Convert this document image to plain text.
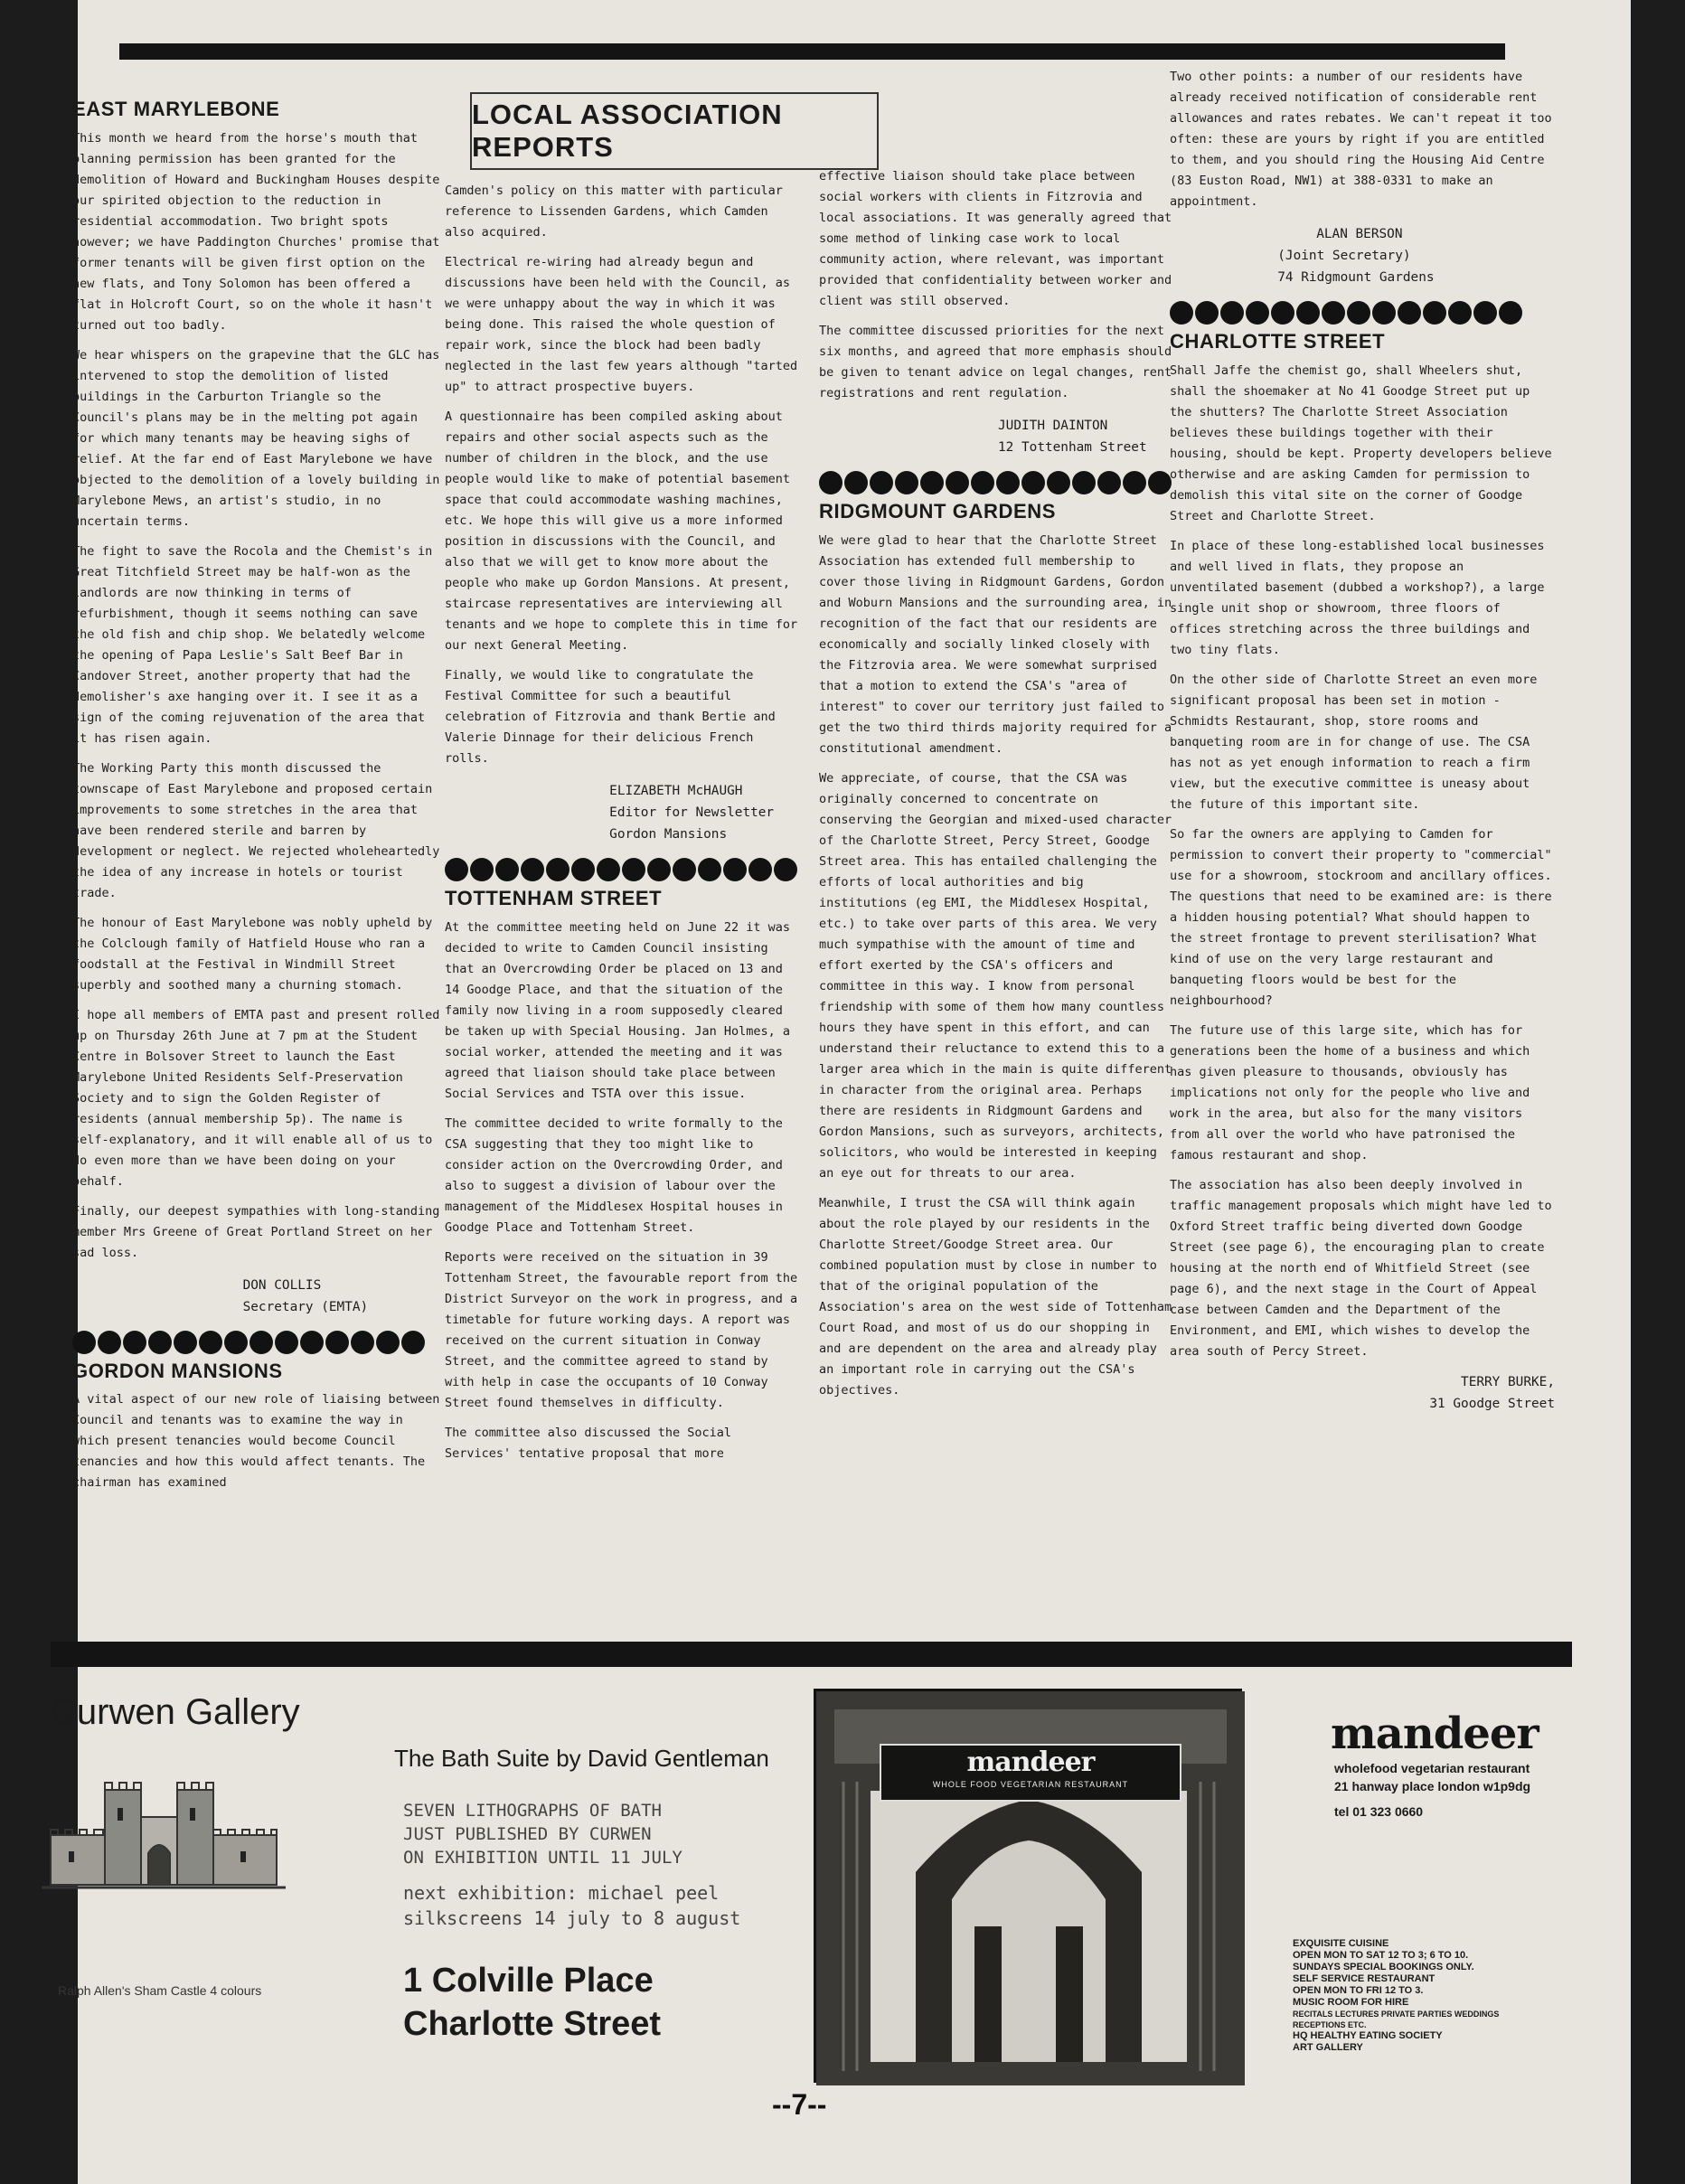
LOCAL ASSOCIATION REPORTS
EAST MARYLEBONE

This month we heard from the horse's mouth that planning permission has been granted for the demolition of Howard and Buckingham Houses despite our spirited objection to the reduction in residential accommodation. Two bright spots however; we have Paddington Churches' promise that former tenants will be given first option on the new flats, and Tony Solomon has been offered a flat in Holcroft Court, so on the whole it hasn't turned out too badly.

We hear whispers on the grapevine that the GLC has intervened to stop the demolition of listed buildings in the Carburton Triangle so the Council's plans may be in the melting pot again for which many tenants may be heaving sighs of relief. At the far end of East Marylebone we have objected to the demolition of a lovely building in Marylebone Mews, an artist's studio, in no uncertain terms.

The fight to save the Rocola and the Chemist's in Great Titchfield Street may be half-won as the landlords are now thinking in terms of refurbishment, though it seems nothing can save the old fish and chip shop. We belatedly welcome the opening of Papa Leslie's Salt Beef Bar in Candover Street, another property that had the demolisher's axe hanging over it. I see it as a sign of the coming rejuvenation of the area that it has risen again.

The Working Party this month discussed the townscape of East Marylebone and proposed certain improvements to some stretches in the area that have been rendered sterile and barren by development or neglect. We rejected wholeheartedly the idea of any increase in hotels or tourist trade.

The honour of East Marylebone was nobly upheld by the Colclough family of Hatfield House who ran a foodstall at the Festival in Windmill Street superbly and soothed many a churning stomach.

I hope all members of EMTA past and present rolled up on Thursday 26th June at 7 pm at the Student Centre in Bolsover Street to launch the East Marylebone United Residents Self-Preservation Society and to sign the Golden Register of residents (annual membership 5p). The name is self-explanatory, and it will enable all of us to do even more than we have been doing on your behalf.

Finally, our deepest sympathies with long-standing member Mrs Greene of Great Portland Street on her sad loss.

DON COLLIS
Secretary (EMTA)
GORDON MANSIONS

A vital aspect of our new role of liaising between Council and tenants was to examine the way in which present tenancies would become Council tenancies and how this would affect tenants. The chairman has examined

Camden's policy on this matter with particular reference to Lissenden Gardens, which Camden also acquired.

Electrical re-wiring had already begun and discussions have been held with the Council, as we were unhappy about the way in which it was being done. This raised the whole question of repair work, since the block had been badly neglected in the last few years although "tarted up" to attract prospective buyers.

A questionnaire has been compiled asking about repairs and other social aspects such as the number of children in the block, and the use people would like to make of potential basement space that could accommodate washing machines, etc. We hope this will give us a more informed position in discussions with the Council, and also that we will get to know more about the people who make up Gordon Mansions. At present, staircase representatives are interviewing all tenants and we hope to complete this in time for our next General Meeting.

Finally, we would like to congratulate the Festival Committee for such a beautiful celebration of Fitzrovia and thank Bertie and Valerie Dinnage for their delicious French rolls.

ELIZABETH McHAUGH
Editor for Newsletter
Gordon Mansions
TOTTENHAM STREET

At the committee meeting held on June 22 it was decided to write to Camden Council insisting that an Overcrowding Order be placed on 13 and 14 Goodge Place, and that the situation of the family now living in a room supposedly cleared be taken up with Special Housing. Jan Holmes, a social worker, attended the meeting and it was agreed that liaison should take place between Social Services and TSTA over this issue.

The committee decided to write formally to the CSA suggesting that they too might like to consider action on the Overcrowding Order, and also to suggest a division of labour over the management of the Middlesex Hospital houses in Goodge Place and Tottenham Street.

Reports were received on the situation in 39 Tottenham Street, the favourable report from the District Surveyor on the work in progress, and a timetable for future working days. A report was received on the current situation in Conway Street, and the committee agreed to stand by with help in case the occupants of 10 Conway Street found themselves in difficulty.

The committee also discussed the Social Services' tentative proposal that more

effective liaison should take place between social workers with clients in Fitzrovia and local associations. It was generally agreed that some method of linking case work to local community action, where relevant, was important provided that confidentiality between worker and client was still observed.

The committee discussed priorities for the next six months, and agreed that more emphasis should be given to tenant advice on legal changes, rent registrations and rent regulation.

JUDITH DAINTON
12 Tottenham Street
RIDGMOUNT GARDENS

We were glad to hear that the Charlotte Street Association has extended full membership to cover those living in Ridgmount Gardens, Gordon and Woburn Mansions and the surrounding area, in recognition of the fact that our residents are economically and socially linked closely with the Fitzrovia area. We were somewhat surprised that a motion to extend the CSA's "area of interest" to cover our territory just failed to get the two third thirds majority required for a constitutional amendment.

We appreciate, of course, that the CSA was originally concerned to concentrate on conserving the Georgian and mixed-used character of the Charlotte Street, Percy Street, Goodge Street area. This has entailed challenging the efforts of local authorities and big institutions (eg EMI, the Middlesex Hospital, etc.) to take over parts of this area. We very much sympathise with the amount of time and effort exerted by the CSA's officers and committee in this way. I know from personal friendship with some of them how many countless hours they have spent in this effort, and can understand their reluctance to extend this to a larger area which in the main is quite different in character from the original area. Perhaps there are residents in Ridgmount Gardens and Gordon Mansions, such as surveyors, architects, solicitors, who would be interested in keeping an eye out for threats to our area.

Meanwhile, I trust the CSA will think again about the role played by our residents in the Charlotte Street/Goodge Street area. Our combined population must by close in number to that of the original population of the Association's area on the west side of Tottenham Court Road, and most of us do our shopping in and are dependent on the area and already play an important role in carrying out the CSA's objectives.

Two other points: a number of our residents have already received notification of considerable rent allowances and rates rebates. We can't repeat it too often: these are yours by right if you are entitled to them, and you should ring the Housing Aid Centre (83 Euston Road, NW1) at 388-0331 to make an appointment.

ALAN BERSON
(Joint Secretary)
74 Ridgmount Gardens
CHARLOTTE STREET

Shall Jaffe the chemist go, shall Wheelers shut, shall the shoemaker at No 41 Goodge Street put up the shutters? The Charlotte Street Association believes these buildings together with their housing, should be kept. Property developers believe otherwise and are asking Camden for permission to demolish this vital site on the corner of Goodge Street and Charlotte Street.

In place of these long-established local businesses and well lived in flats, they propose an unventilated basement (dubbed a workshop?), a large single unit shop or showroom, three floors of offices stretching across the three buildings and two tiny flats.

On the other side of Charlotte Street an even more significant proposal has been set in motion - Schmidts Restaurant, shop, store rooms and banqueting room are in for change of use. The CSA has not as yet enough information to reach a firm view, but the executive committee is uneasy about the future of this important site.

So far the owners are applying to Camden for permission to convert their property to "commercial" use for a showroom, stockroom and ancillary offices. The questions that need to be examined are: is there a hidden housing potential? What should happen to the street frontage to prevent sterilisation? What kind of use on the very large restaurant and banqueting floors would be best for the neighbourhood?

The future use of this large site, which has for generations been the home of a business and which has given pleasure to thousands, obviously has implications not only for the people who live and work in the area, but also for the many visitors from all over the world who have patronised the famous restaurant and shop.

The association has also been deeply involved in traffic management proposals which might have led to Oxford Street traffic being diverted down Goodge Street (see page 6), the encouraging plan to create housing at the north end of Whitfield Street (see page 6), and the next stage in the Court of Appeal case between Camden and the Department of the Environment, and EMI, which wishes to develop the area south of Percy Street.

TERRY BURKE,
31 Goodge Street
Curwen Gallery
Ralph Allen's Sham Castle 4 colours
The Bath Suite by David Gentleman
SEVEN LITHOGRAPHS OF BATH
JUST PUBLISHED BY CURWEN
ON EXHIBITION UNTIL 11 JULY
next exhibition: michael peel
silkscreens 14 july to 8 august
1 Colville Place
Charlotte Street
mandeer
WHOLE FOOD VEGETARIAN RESTAURANT
mandeer
wholefood vegetarian restaurant
21 hanway place london w1p9dg
tel 01 323 0660
EXQUISITE CUISINE
OPEN MON TO SAT 12 TO 3; 6 TO 10.
SUNDAYS SPECIAL BOOKINGS ONLY.
SELF SERVICE RESTAURANT
OPEN MON TO FRI 12 TO 3.
MUSIC ROOM FOR HIRE
RECITALS LECTURES PRIVATE PARTIES WEDDINGS
RECEPTIONS ETC.
HQ HEALTHY EATING SOCIETY
ART GALLERY
--7--
